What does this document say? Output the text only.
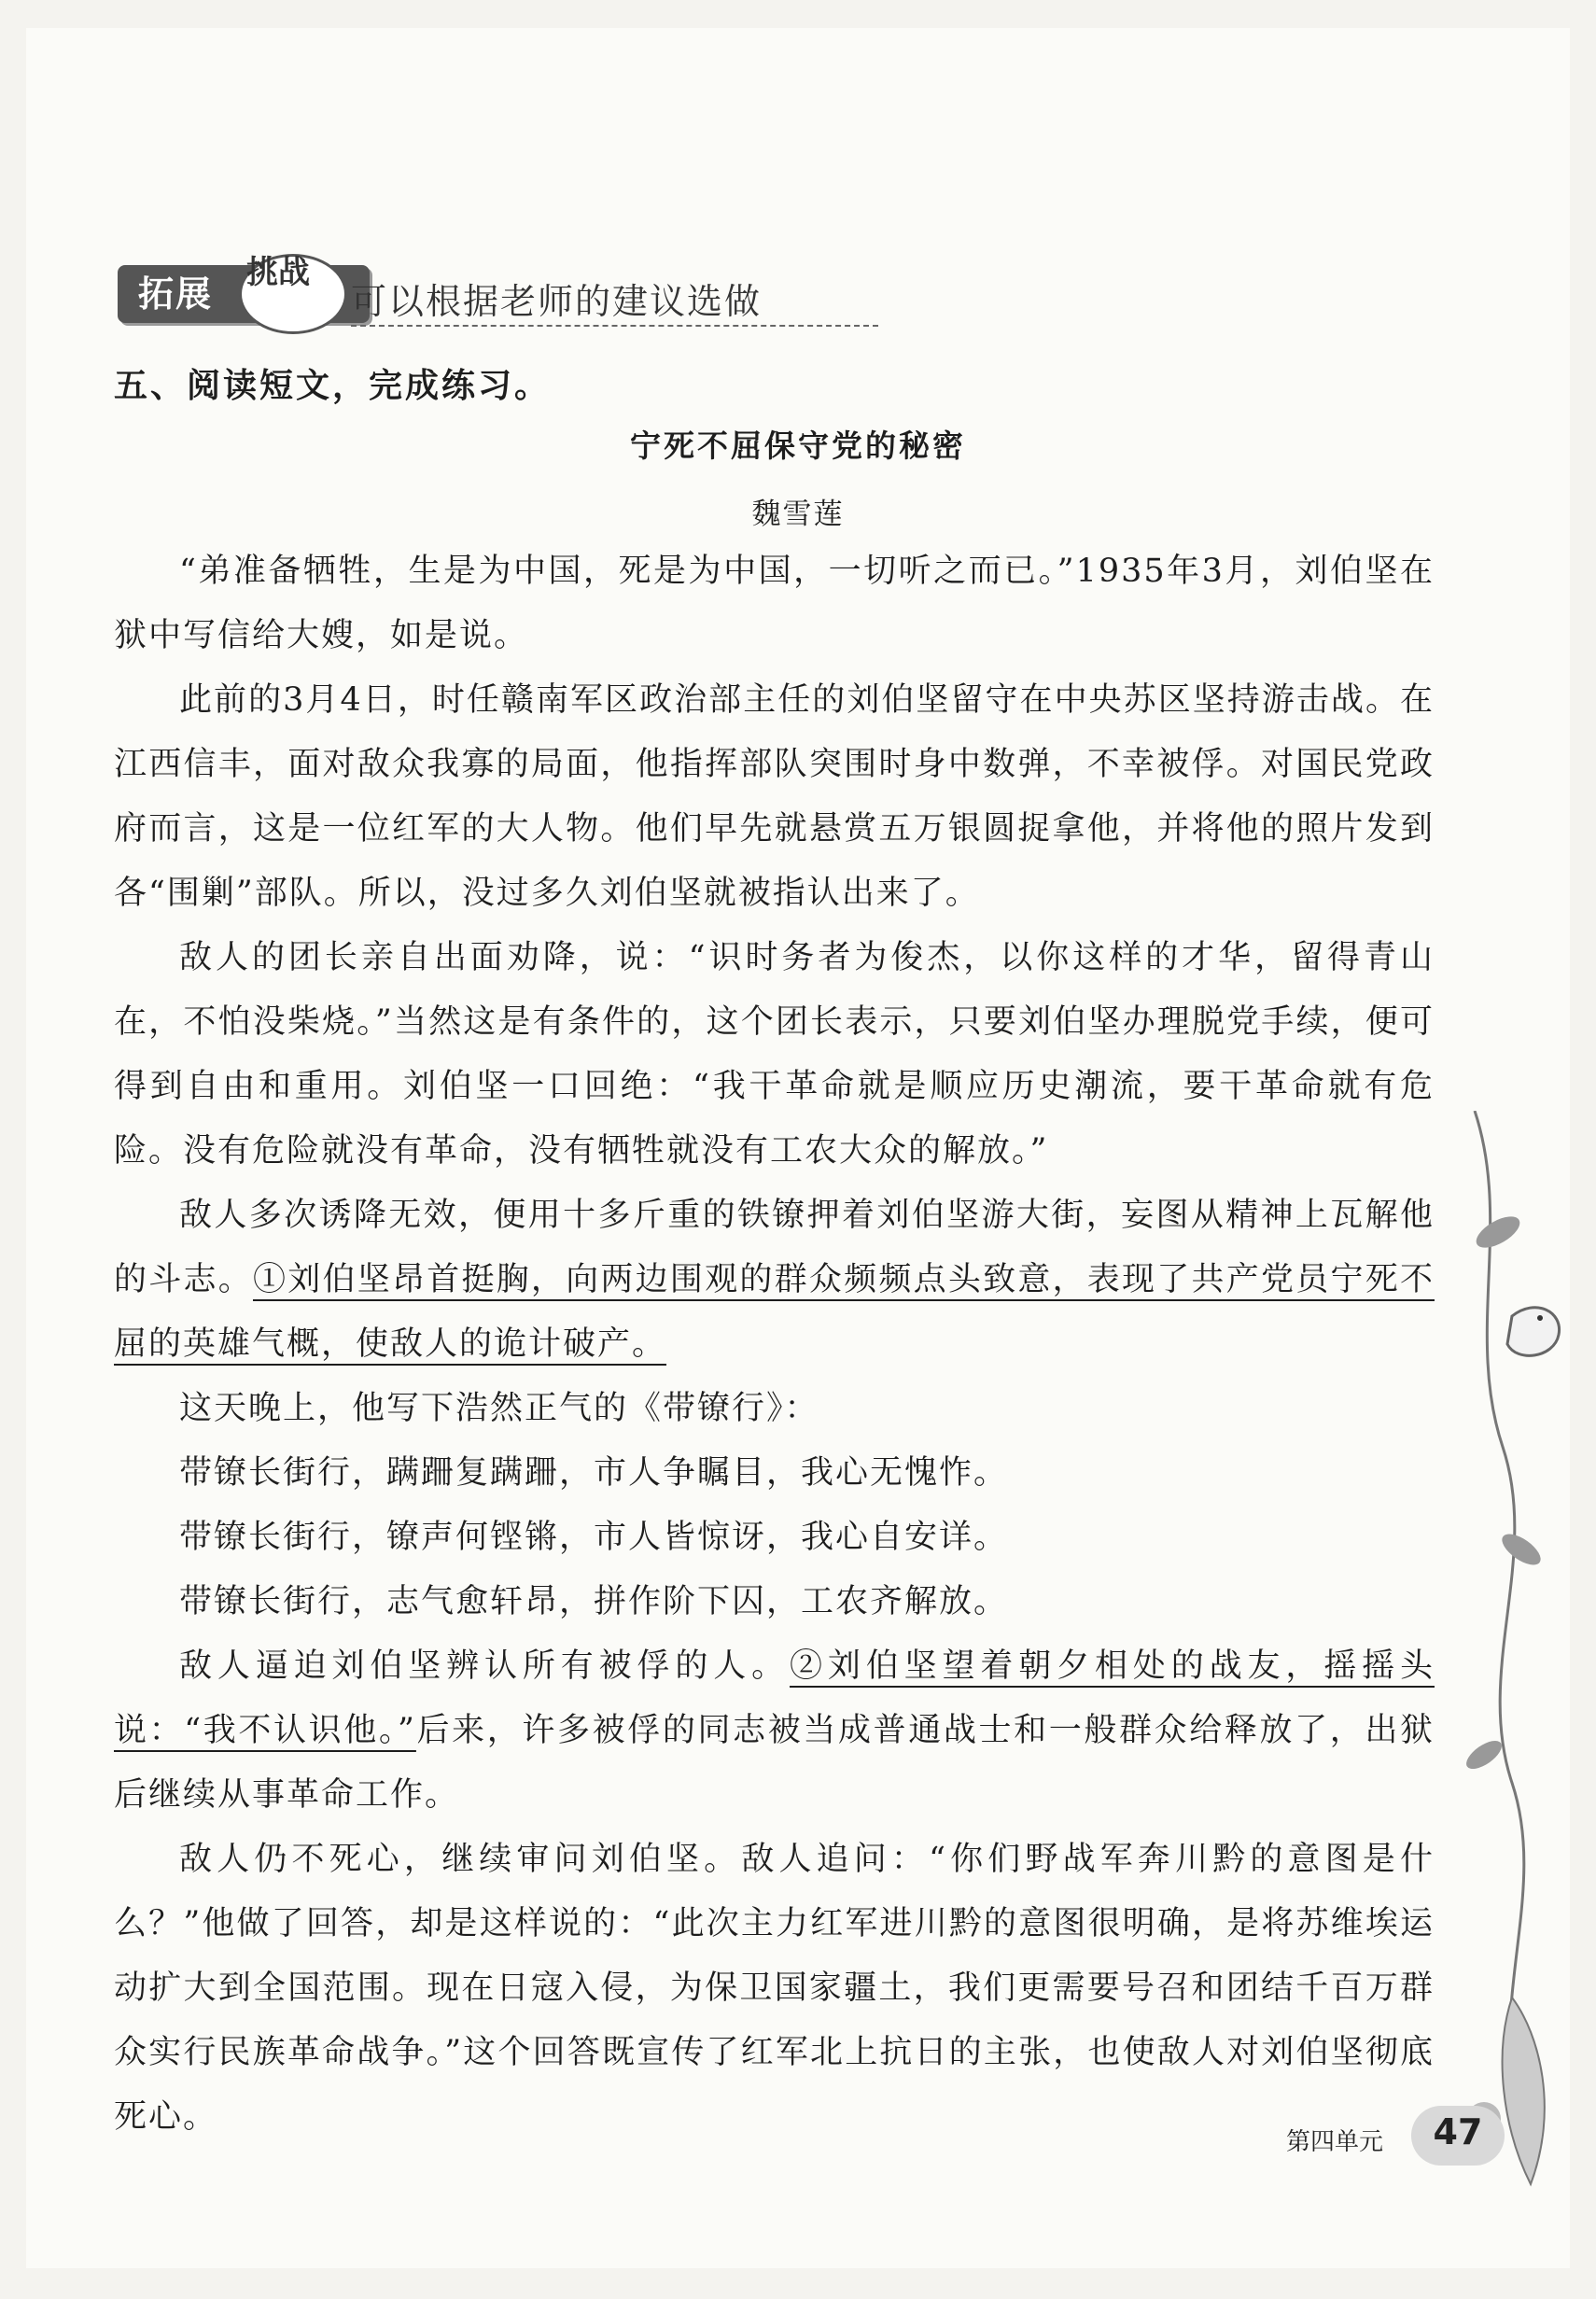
拓展
挑战
可以根据老师的建议选做
五、阅读短文，完成练习。
宁死不屈保守党的秘密
魏雪莲

“弟准备牺牲，生是为中国，死是为中国，一切听之而已。”1935年3月，刘伯坚在狱中写信给大嫂，如是说。

此前的3月4日，时任赣南军区政治部主任的刘伯坚留守在中央苏区坚持游击战。在江西信丰，面对敌众我寡的局面，他指挥部队突围时身中数弹，不幸被俘。对国民党政府而言，这是一位红军的大人物。他们早先就悬赏五万银圆捉拿他，并将他的照片发到各“围剿”部队。所以，没过多久刘伯坚就被指认出来了。

敌人的团长亲自出面劝降，说：“识时务者为俊杰，以你这样的才华，留得青山在，不怕没柴烧。”当然这是有条件的，这个团长表示，只要刘伯坚办理脱党手续，便可得到自由和重用。刘伯坚一口回绝：“我干革命就是顺应历史潮流，要干革命就有危险。没有危险就没有革命，没有牺牲就没有工农大众的解放。”

敌人多次诱降无效，便用十多斤重的铁镣押着刘伯坚游大街，妄图从精神上瓦解他的斗志。①刘伯坚昂首挺胸，向两边围观的群众频频点头致意，表现了共产党员宁死不屈的英雄气概，使敌人的诡计破产。

这天晚上，他写下浩然正气的《带镣行》：

带镣长街行，蹒跚复蹒跚，市人争瞩目，我心无愧怍。

带镣长街行，镣声何铿锵，市人皆惊讶，我心自安详。

带镣长街行，志气愈轩昂，拼作阶下囚，工农齐解放。

敌人逼迫刘伯坚辨认所有被俘的人。②刘伯坚望着朝夕相处的战友，摇摇头说：“我不认识他。”后来，许多被俘的同志被当成普通战士和一般群众给释放了，出狱后继续从事革命工作。

敌人仍不死心，继续审问刘伯坚。敌人追问：“你们野战军奔川黔的意图是什么？”他做了回答，却是这样说的：“此次主力红军进川黔的意图很明确，是将苏维埃运动扩大到全国范围。现在日寇入侵，为保卫国家疆土，我们更需要号召和团结千百万群众实行民族革命战争。”这个回答既宣传了红军北上抗日的主张，也使敌人对刘伯坚彻底死心。

第四单元	47
